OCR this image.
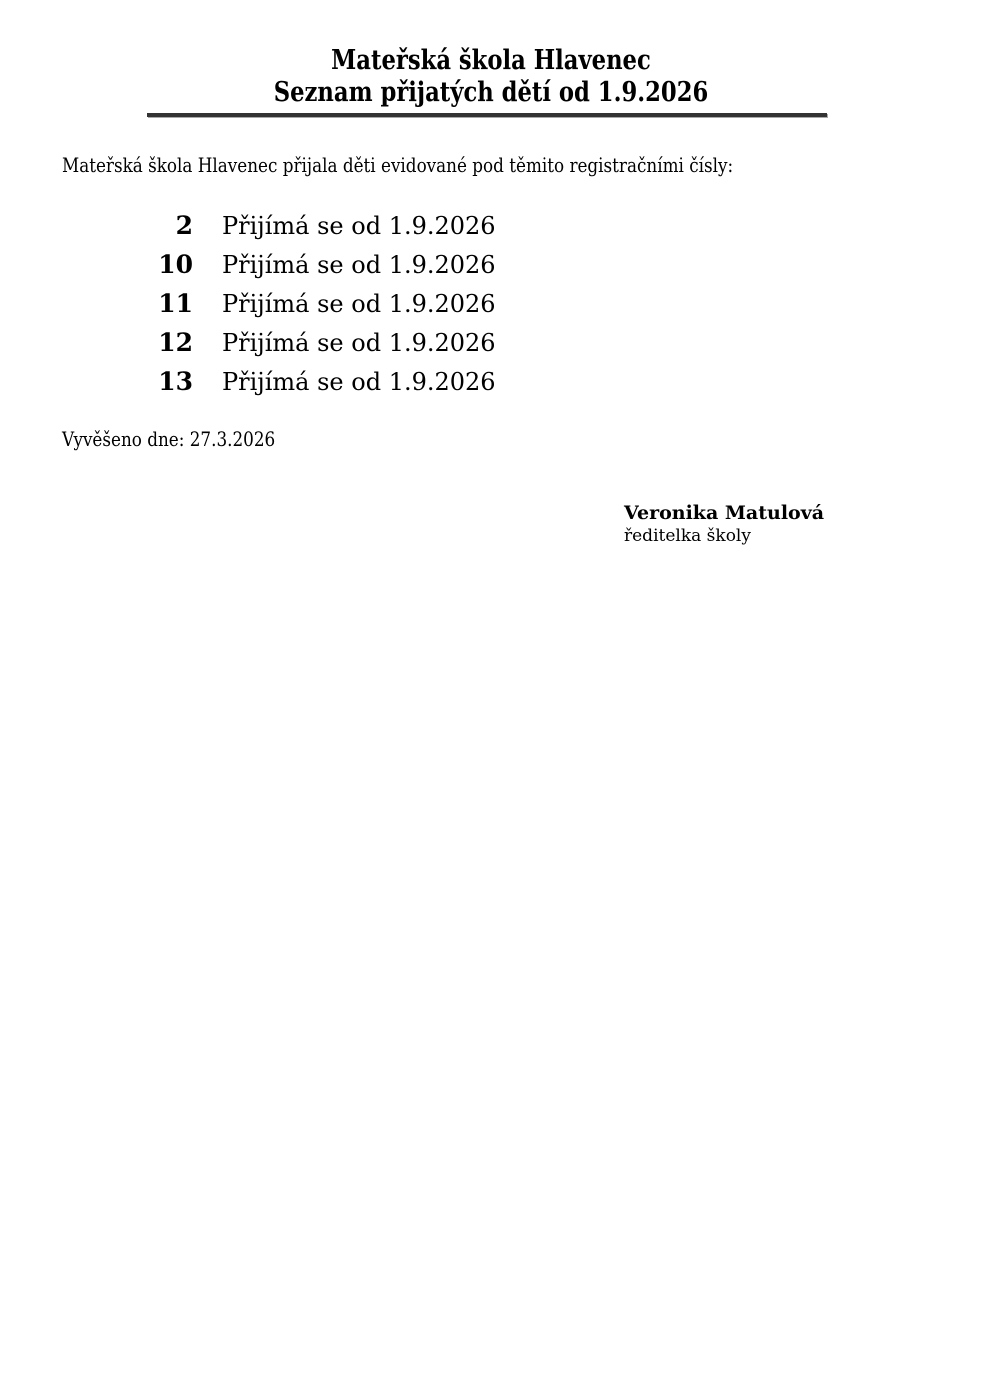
Mateřská škola Hlavenec
Seznam přijatých dětí od 1.9.2026
Mateřská škola Hlavenec přijala děti evidované pod těmito registračními čísly:
2 Přijímá se od 1.9.2026
10 Přijímá se od 1.9.2026
11 Přijímá se od 1.9.2026
12 Přijímá se od 1.9.2026
13 Přijímá se od 1.9.2026
Vyvěšeno dne: 27.3.2026
Veronika Matulová
ředitelka školy
